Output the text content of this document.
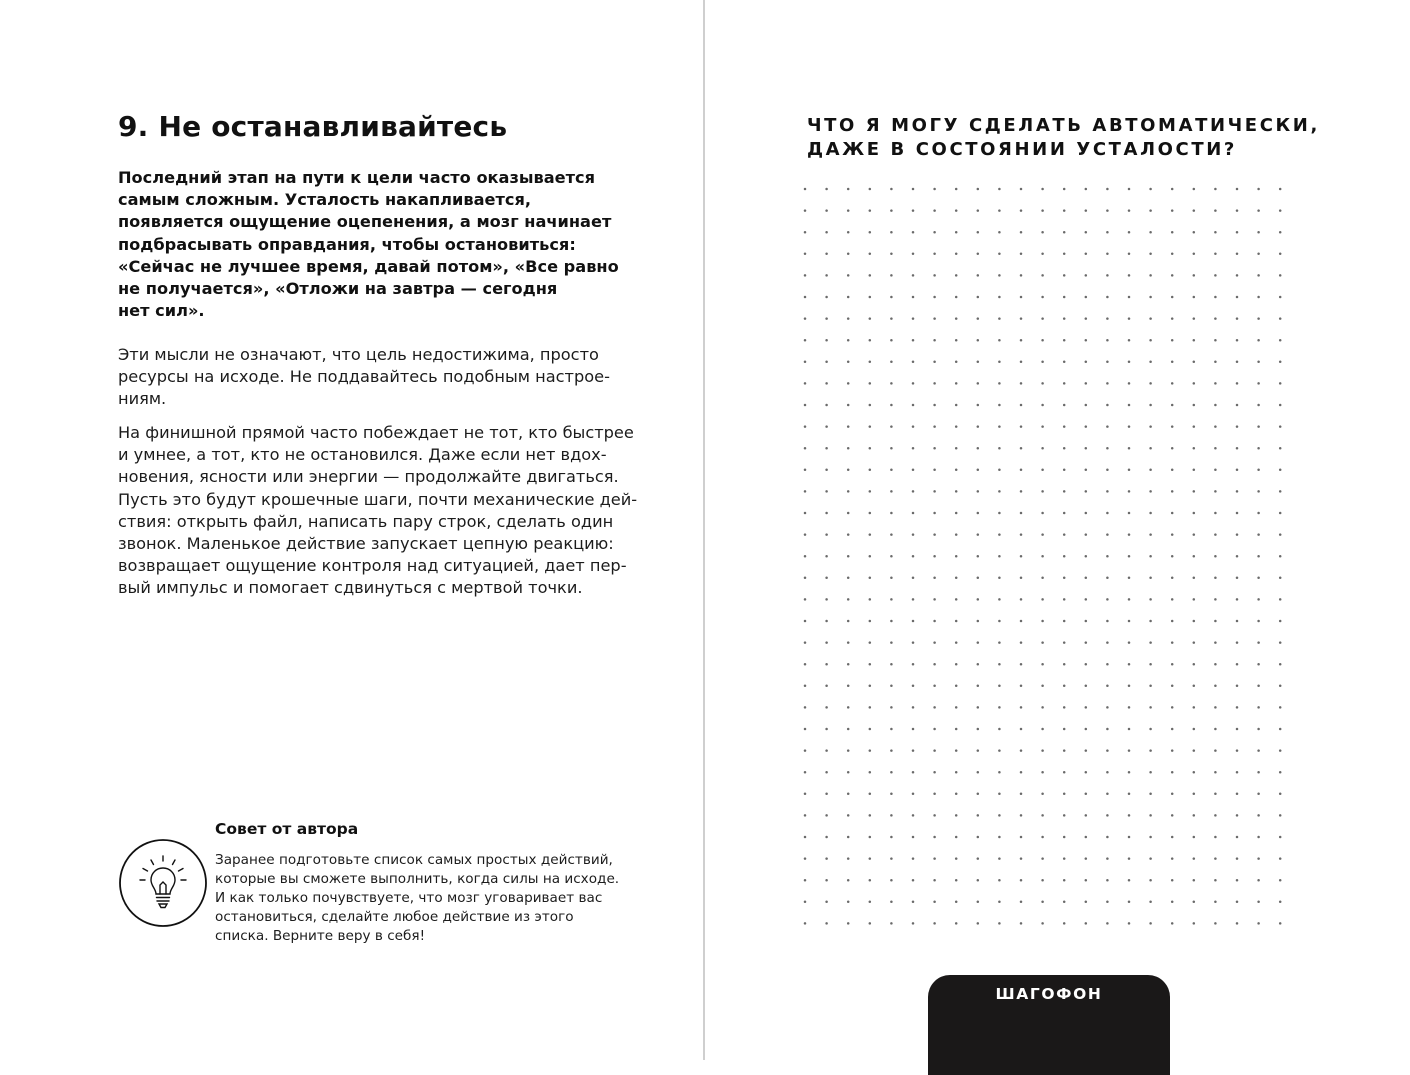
9. Не останавливайтесь

Последний этап на пути к цели часто оказывается
самым сложным. Усталость накапливается,
появляется ощущение оцепенения, а мозг начинает
подбрасывать оправдания, чтобы остановиться:
«Сейчас не лучшее время, давай потом», «Все равно
не получается», «Отложи на завтра — сегодня
нет сил».

Эти мысли не означают, что цель недостижима, просто
ресурсы на исходе. Не поддавайтесь подобным настрое-
ниям.

На финишной прямой часто побеждает не тот, кто быстрее
и умнее, а тот, кто не остановился. Даже если нет вдох-
новения, ясности или энергии — продолжайте двигаться.
Пусть это будут крошечные шаги, почти механические дей-
ствия: открыть файл, написать пару строк, сделать один
звонок. Маленькое действие запускает цепную реакцию:
возвращает ощущение контроля над ситуацией, дает пер-
вый импульс и помогает сдвинуться с мертвой точки.

Совет от автора

Заранее подготовьте список самых простых действий,
которые вы сможете выполнить, когда силы на исходе.
И как только почувствуете, что мозг уговаривает вас
остановиться, сделайте любое действие из этого
списка. Верните веру в себя!

ЧТО Я МОГУ СДЕЛАТЬ АВТОМАТИЧЕСКИ,
ДАЖЕ В СОСТОЯНИИ УСТАЛОСТИ?
ШАГОФОН
